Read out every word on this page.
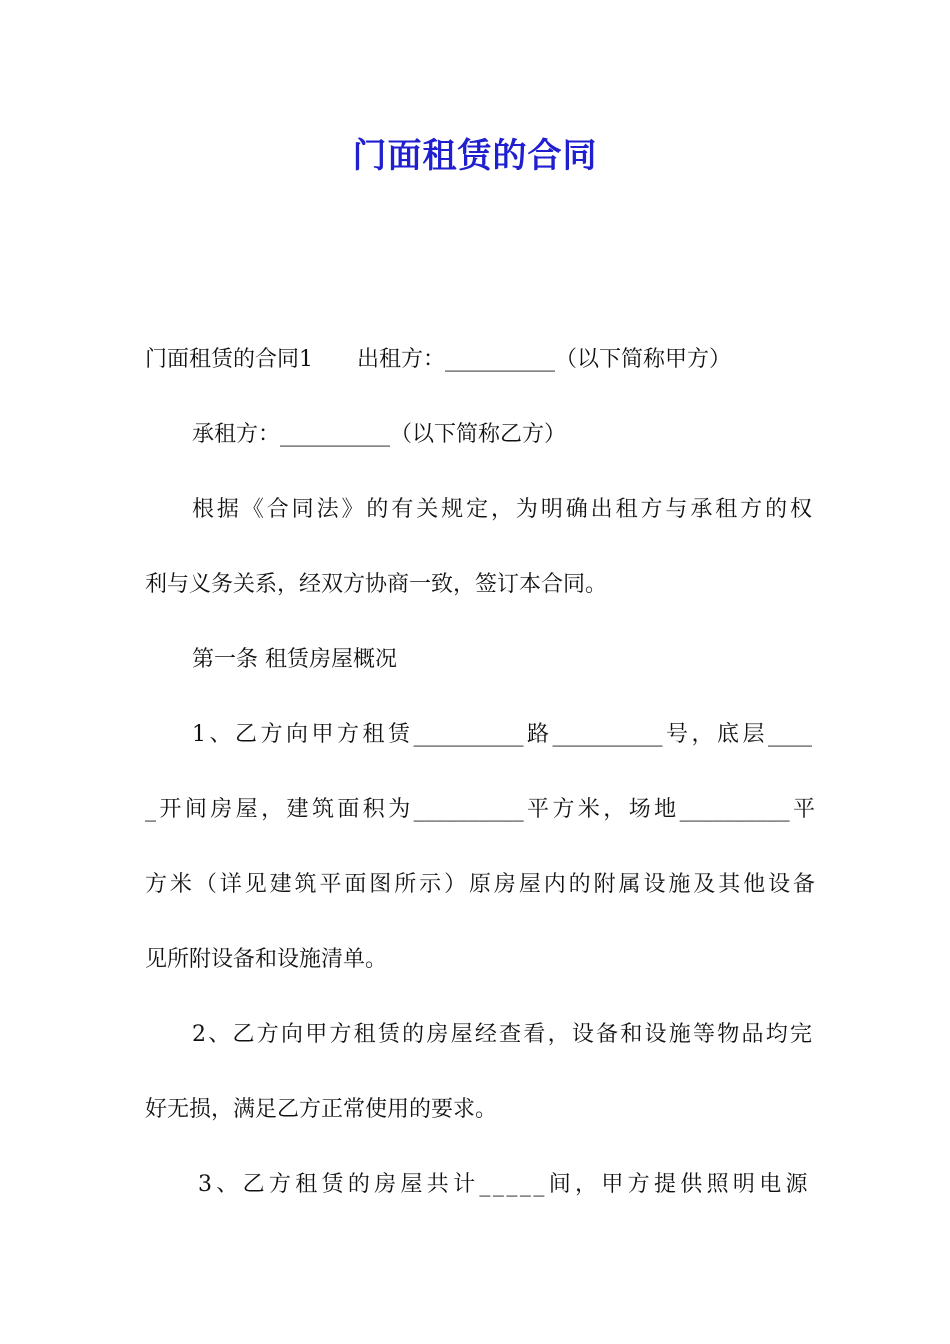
门面租赁的合同
门面租赁的合同1　　出租方：__________（以下简称甲方）
承租方：__________（以下简称乙方）
根据《合同法》的有关规定，为明确出租方与承租方的权
利与义务关系，经双方协商一致，签订本合同。
第一条 租赁房屋概况
1、乙方向甲方租赁__________路__________号，底层____
_开间房屋，建筑面积为__________平方米，场地__________平
方米（详见建筑平面图所示）原房屋内的附属设施及其他设备
见所附设备和设施清单。
2、乙方向甲方租赁的房屋经查看，设备和设施等物品均完
好无损，满足乙方正常使用的要求。
3、乙方租赁的房屋共计_____间，甲方提供照明电源
